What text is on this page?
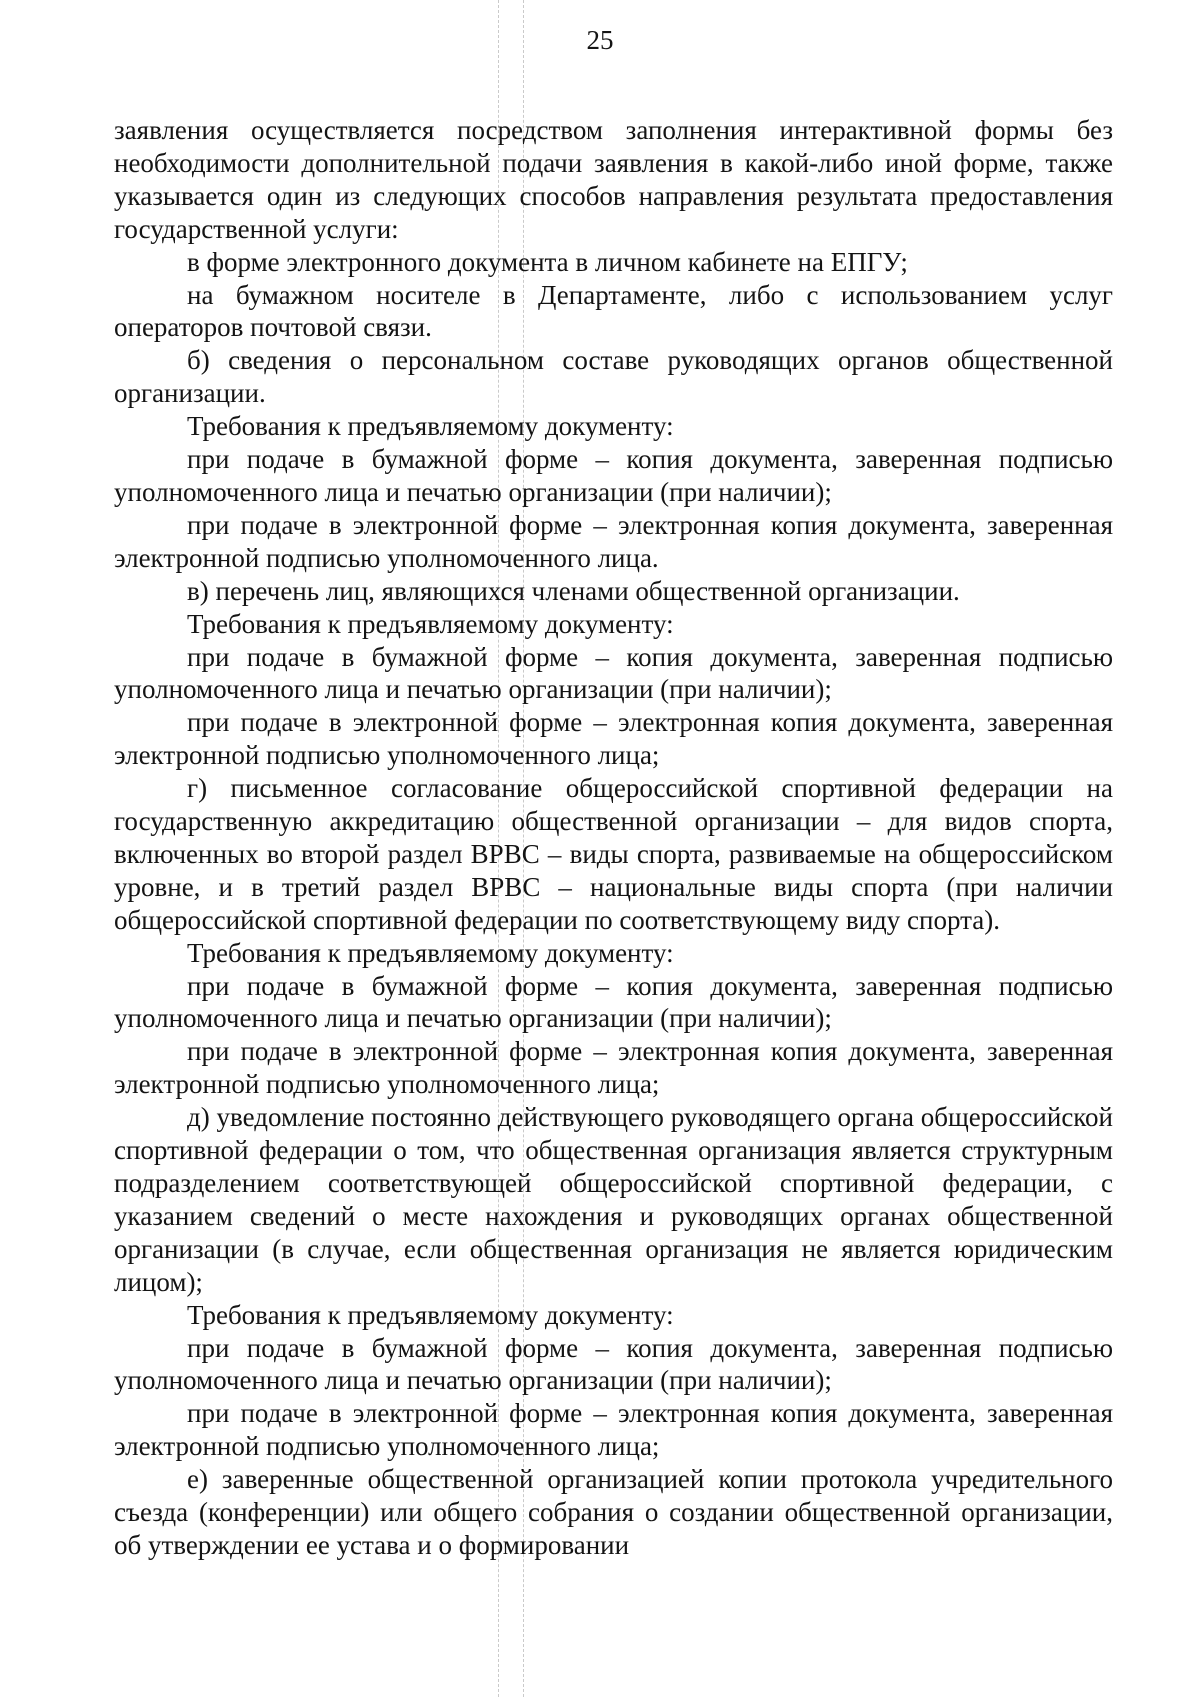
25

заявления осуществляется посредством заполнения интерактивной формы без необходимости дополнительной подачи заявления в какой-либо иной форме, также указывается один из следующих способов направления результата предоставления государственной услуги:

в форме электронного документа в личном кабинете на ЕПГУ;

на бумажном носителе в Департаменте, либо с использованием услуг операторов почтовой связи.

б) сведения о персональном составе руководящих органов общественной организации.

Требования к предъявляемому документу:

при подаче в бумажной форме – копия документа, заверенная подписью уполномоченного лица и печатью организации (при наличии);

при подаче в электронной форме – электронная копия документа, заверенная электронной подписью уполномоченного лица.

в) перечень лиц, являющихся членами общественной организации.

Требования к предъявляемому документу:

при подаче в бумажной форме – копия документа, заверенная подписью уполномоченного лица и печатью организации (при наличии);

при подаче в электронной форме – электронная копия документа, заверенная электронной подписью уполномоченного лица;

г) письменное согласование общероссийской спортивной федерации на государственную аккредитацию общественной организации – для видов спорта, включенных во второй раздел ВРВС – виды спорта, развиваемые на общероссийском уровне, и в третий раздел ВРВС – национальные виды спорта (при наличии общероссийской спортивной федерации по соответствующему виду спорта).

Требования к предъявляемому документу:

при подаче в бумажной форме – копия документа, заверенная подписью уполномоченного лица и печатью организации (при наличии);

при подаче в электронной форме – электронная копия документа, заверенная электронной подписью уполномоченного лица;

д) уведомление постоянно действующего руководящего органа общероссийской спортивной федерации о том, что общественная организация является структурным подразделением соответствующей общероссийской спортивной федерации, с указанием сведений о месте нахождения и руководящих органах общественной организации (в случае, если общественная организация не является юридическим лицом);

Требования к предъявляемому документу:

при подаче в бумажной форме – копия документа, заверенная подписью уполномоченного лица и печатью организации (при наличии);

при подаче в электронной форме – электронная копия документа, заверенная электронной подписью уполномоченного лица;

е) заверенные общественной организацией копии протокола учредительного съезда (конференции) или общего собрания о создании общественной организации, об утверждении ее устава и о формировании
